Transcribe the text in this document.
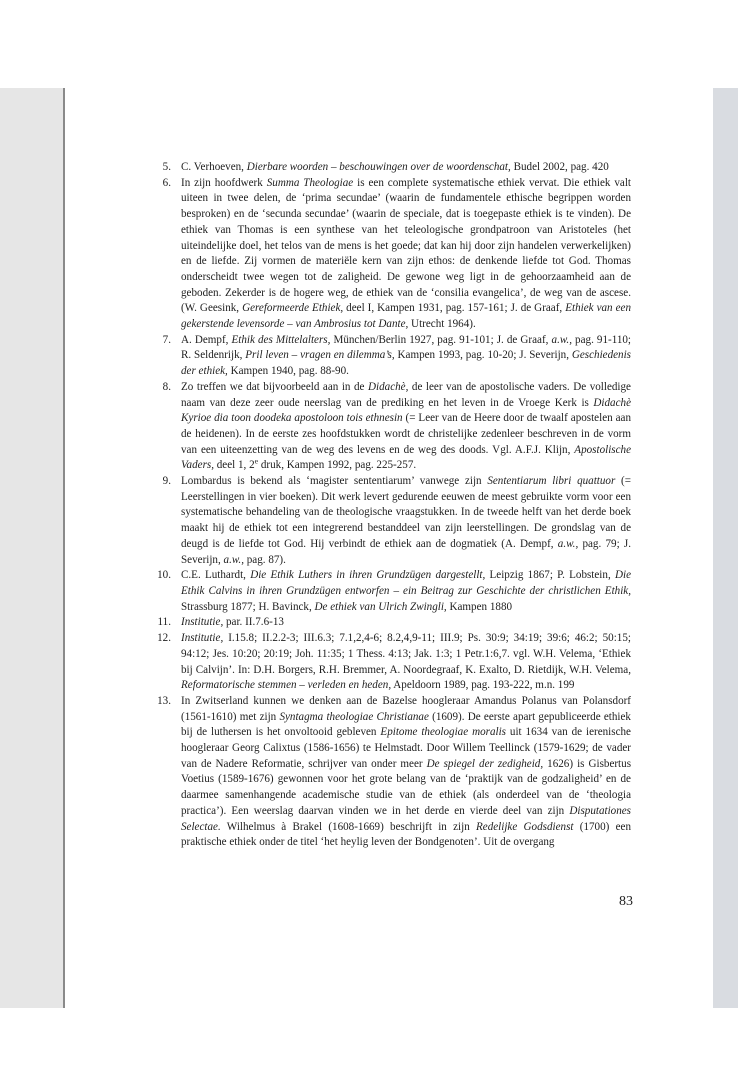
5. C. Verhoeven, Dierbare woorden – beschouwingen over de woordenschat, Budel 2002, pag. 420
6. In zijn hoofdwerk Summa Theologiae is een complete systematische ethiek vervat. Die ethiek valt uiteen in twee delen, de ‘prima secundae’ (waarin de fundamentele ethische begrippen worden besproken) en de ‘secunda secundae’ (waarin de speciale, dat is toegepaste ethiek is te vinden). De ethiek van Thomas is een synthese van het teleologische grondpatroon van Aristoteles (het uiteindelijke doel, het telos van de mens is het goede; dat kan hij door zijn handelen verwerkelijken) en de liefde. Zij vormen de materiële kern van zijn ethos: de denkende liefde tot God. Thomas onderscheidt twee wegen tot de zaligheid. De gewone weg ligt in de gehoorzaamheid aan de geboden. Zekerder is de hogere weg, de ethiek van de ‘consilia evangelica’, de weg van de ascese. (W. Geesink, Gereformeerde Ethiek, deel I, Kampen 1931, pag. 157-161; J. de Graaf, Ethiek van een gekerstende levensorde – van Ambrosius tot Dante, Utrecht 1964).
7. A. Dempf, Ethik des Mittelalters, München/Berlin 1927, pag. 91-101; J. de Graaf, a.w., pag. 91-110; R. Seldenrijk, Pril leven – vragen en dilemma’s, Kampen 1993, pag. 10-20; J. Severijn, Geschiedenis der ethiek, Kampen 1940, pag. 88-90.
8. Zo treffen we dat bijvoorbeeld aan in de Didachè, de leer van de apostolische vaders. De volledige naam van deze zeer oude neerslag van de prediking en het leven in de Vroege Kerk is Didachè Kyrioe dia toon doodeka apostoloon tois ethnesin (= Leer van de Heere door de twaalf apostelen aan de heidenen). In de eerste zes hoofdstukken wordt de christelijke zedenleer beschreven in de vorm van een uiteenzetting van de weg des levens en de weg des doods. Vgl. A.F.J. Klijn, Apostolische Vaders, deel 1, 2e druk, Kampen 1992, pag. 225-257.
9. Lombardus is bekend als ‘magister sententiarum’ vanwege zijn Sententiarum libri quattuor (= Leerstellingen in vier boeken). Dit werk levert gedurende eeuwen de meest gebruikte vorm voor een systematische behandeling van de theologische vraagstukken. In de tweede helft van het derde boek maakt hij de ethiek tot een integrerend bestanddeel van zijn leerstellingen. De grondslag van de deugd is de liefde tot God. Hij verbindt de ethiek aan de dogmatiek (A. Dempf, a.w., pag. 79; J. Severijn, a.w., pag. 87).
10. C.E. Luthardt, Die Ethik Luthers in ihren Grundzügen dargestellt, Leipzig 1867; P. Lobstein, Die Ethik Calvins in ihren Grundzügen entworfen – ein Beitrag zur Geschichte der christlichen Ethik, Strassburg 1877; H. Bavinck, De ethiek van Ulrich Zwingli, Kampen 1880
11. Institutie, par. II.7.6-13
12. Institutie, I.15.8; II.2.2-3; III.6.3; 7.1,2,4-6; 8.2,4,9-11; III.9; Ps. 30:9; 34:19; 39:6; 46:2; 50:15; 94:12; Jes. 10:20; 20:19; Joh. 11:35; 1 Thess. 4:13; Jak. 1:3; 1 Petr.1:6,7. vgl. W.H. Velema, ‘Ethiek bij Calvijn’. In: D.H. Borgers, R.H. Bremmer, A. Noordegraaf, K. Exalto, D. Rietdijk, W.H. Velema, Reformatorische stemmen – verleden en heden, Apeldoorn 1989, pag. 193-222, m.n. 199
13. In Zwitserland kunnen we denken aan de Bazelse hoogleraar Amandus Polanus van Polansdorf (1561-1610) met zijn Syntagma theologiae Christianae (1609). De eerste apart gepubliceerde ethiek bij de luthersen is het onvoltooid gebleven Epitome theologiae moralis uit 1634 van de ierenische hoogleraar Georg Calixtus (1586-1656) te Helmstadt. Door Willem Teellinck (1579-1629; de vader van de Nadere Reformatie, schrijver van onder meer De spiegel der zedigheid, 1626) is Gisbertus Voetius (1589-1676) gewonnen voor het grote belang van de ‘praktijk van de godzaligheid’ en de daarmee samenhangende academische studie van de ethiek (als onderdeel van de ‘theologia practica’). Een weerslag daarvan vinden we in het derde en vierde deel van zijn Disputationes Selectae. Wilhelmus à Brakel (1608-1669) beschrijft in zijn Redelijke Godsdienst (1700) een praktische ethiek onder de titel ‘het heylig leven der Bondgenoten’. Uit de overgang
83
